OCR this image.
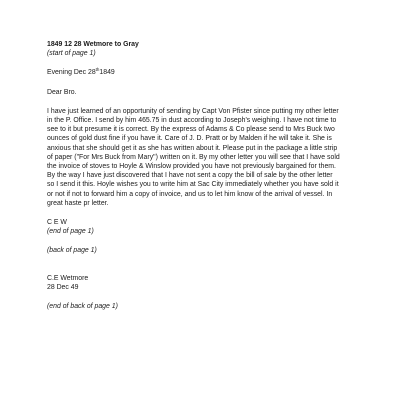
1849 12 28 Wetmore to Gray

(start of page 1)

Evening Dec 28th1849

Dear Bro.

I have just learned of an opportunity of sending by Capt Von Pfister since putting my other letter
in the P. Office. I send by him 465.75 in dust according to Joseph's weighing. I have not time to
see to it but presume it is correct. By the express of Adams & Co please send to Mrs Buck two
ounces of gold dust fine if you have it. Care of J. D. Pratt or by Malden if he will take it. She is
anxious that she should get it as she has written about it. Please put in the package a little strip
of paper ("For Mrs Buck from Mary") written on it. By my other letter you will see that I have sold
the invoice of stoves to Hoyle & Winslow provided you have not previously bargained for them.
By the way I have just discovered that I have not sent a copy the bill of sale by the other letter
so I send it this. Hoyle wishes you to write him at Sac City immediately whether you have sold it
or not if not to forward him a copy of invoice, and us to let him know of the arrival of vessel. In
great haste pr letter.

C E W

(end of page 1)

(back of page 1)

C.E Wetmore

28 Dec 49

(end of back of page 1)
